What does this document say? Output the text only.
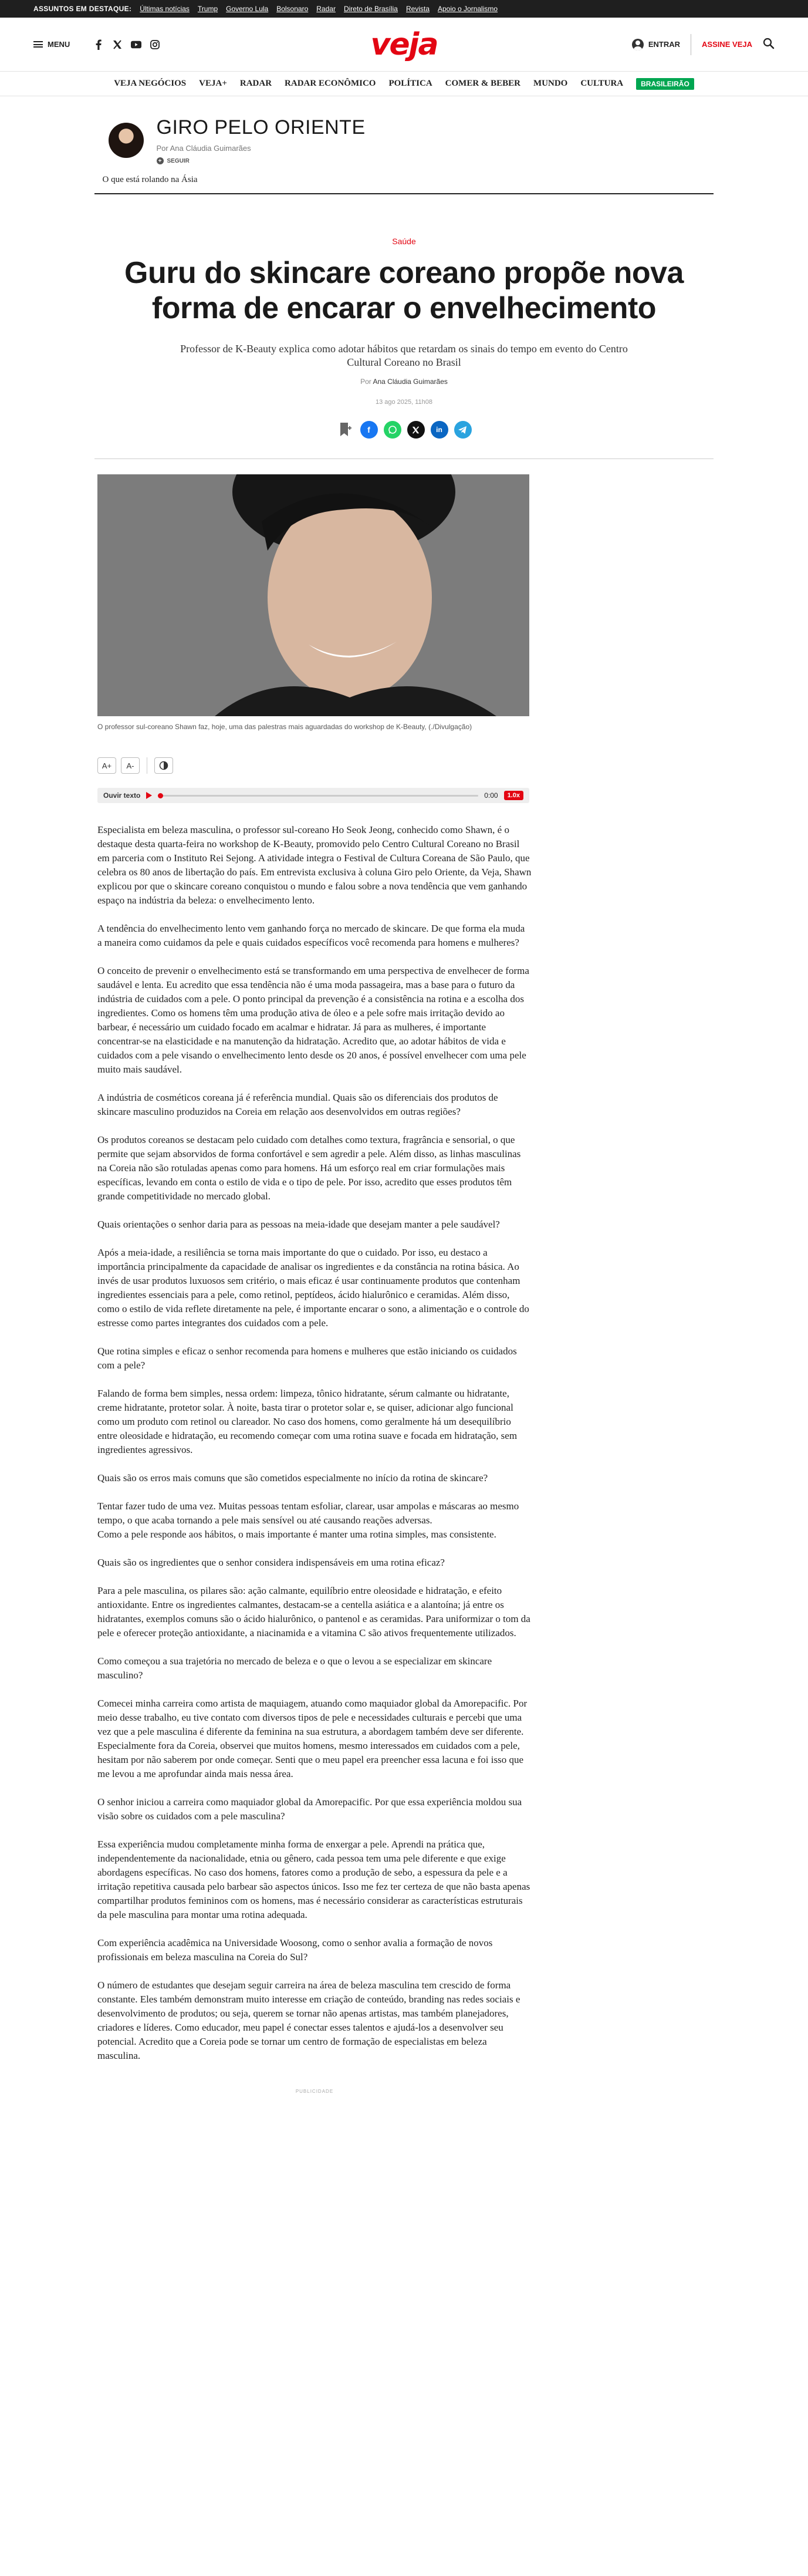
ASSUNTOS EM DESTAQUE: Últimas notícias Trump Governo Lula Bolsonaro Radar Direto de Brasília Revista Apoio o Jornalismo
MENU	veja	ENTRAR	ASSINE VEJA
VEJA NEGÓCIOS VEJA+ RADAR RADAR ECONÔMICO POLÍTICA COMER & BEBER MUNDO CULTURA	BRASILEIRÃO
GIRO PELO ORIENTE
Por Ana Cláudia Guimarães
+ SEGUIR
O que está rolando na Ásia
Saúde
Guru do skincare coreano propõe nova forma de encarar o envelhecimento

Professor de K-Beauty explica como adotar hábitos que retardam os sinais do tempo em evento do Centro Cultural Coreano no Brasil

Por Ana Cláudia Guimarães
13 ago 2025, 11h08
f	in
O professor sul-coreano Shawn faz, hoje, uma das palestras mais aguardadas do workshop de K-Beauty, (./Divulgação)
A+	A-
Ouvir texto	0:00	1.0x

Especialista em beleza masculina, o professor sul-coreano Ho Seok Jeong, conhecido como Shawn, é o destaque desta quarta-feira no workshop de K-Beauty, promovido pelo Centro Cultural Coreano no Brasil em parceria com o Instituto Rei Sejong. A atividade integra o Festival de Cultura Coreana de São Paulo, que celebra os 80 anos de libertação do país. Em entrevista exclusiva à coluna Giro pelo Oriente, da Veja, Shawn explicou por que o skincare coreano conquistou o mundo e falou sobre a nova tendência que vem ganhando espaço na indústria da beleza: o envelhecimento lento.

A tendência do envelhecimento lento vem ganhando força no mercado de skincare. De que forma ela muda a maneira como cuidamos da pele e quais cuidados específicos você recomenda para homens e mulheres?

O conceito de prevenir o envelhecimento está se transformando em uma perspectiva de envelhecer de forma saudável e lenta. Eu acredito que essa tendência não é uma moda passageira, mas a base para o futuro da indústria de cuidados com a pele. O ponto principal da prevenção é a consistência na rotina e a escolha dos ingredientes. Como os homens têm uma produção ativa de óleo e a pele sofre mais irritação devido ao barbear, é necessário um cuidado focado em acalmar e hidratar. Já para as mulheres, é importante concentrar-se na elasticidade e na manutenção da hidratação. Acredito que, ao adotar hábitos de vida e cuidados com a pele visando o envelhecimento lento desde os 20 anos, é possível envelhecer com uma pele muito mais saudável.

A indústria de cosméticos coreana já é referência mundial. Quais são os diferenciais dos produtos de skincare masculino produzidos na Coreia em relação aos desenvolvidos em outras regiões?

Os produtos coreanos se destacam pelo cuidado com detalhes como textura, fragrância e sensorial, o que permite que sejam absorvidos de forma confortável e sem agredir a pele. Além disso, as linhas masculinas na Coreia não são rotuladas apenas como para homens. Há um esforço real em criar formulações mais específicas, levando em conta o estilo de vida e o tipo de pele. Por isso, acredito que esses produtos têm grande competitividade no mercado global.

Quais orientações o senhor daria para as pessoas na meia-idade que desejam manter a pele saudável?

Após a meia-idade, a resiliência se torna mais importante do que o cuidado. Por isso, eu destaco a importância principalmente da capacidade de analisar os ingredientes e da constância na rotina básica. Ao invés de usar produtos luxuosos sem critério, o mais eficaz é usar continuamente produtos que contenham ingredientes essenciais para a pele, como retinol, peptídeos, ácido hialurônico e ceramidas. Além disso, como o estilo de vida reflete diretamente na pele, é importante encarar o sono, a alimentação e o controle do estresse como partes integrantes dos cuidados com a pele.

Que rotina simples e eficaz o senhor recomenda para homens e mulheres que estão iniciando os cuidados com a pele?

Falando de forma bem simples, nessa ordem: limpeza, tônico hidratante, sérum calmante ou hidratante, creme hidratante, protetor solar. À noite, basta tirar o protetor solar e, se quiser, adicionar algo funcional como um produto com retinol ou clareador. No caso dos homens, como geralmente há um desequilíbrio entre oleosidade e hidratação, eu recomendo começar com uma rotina suave e focada em hidratação, sem ingredientes agressivos.

Quais são os erros mais comuns que são cometidos especialmente no início da rotina de skincare?

Tentar fazer tudo de uma vez. Muitas pessoas tentam esfoliar, clarear, usar ampolas e máscaras ao mesmo tempo, o que acaba tornando a pele mais sensível ou até causando reações adversas.
Como a pele responde aos hábitos, o mais importante é manter uma rotina simples, mas consistente.

Quais são os ingredientes que o senhor considera indispensáveis em uma rotina eficaz?

Para a pele masculina, os pilares são: ação calmante, equilíbrio entre oleosidade e hidratação, e efeito antioxidante. Entre os ingredientes calmantes, destacam-se a centella asiática e a alantoína; já entre os hidratantes, exemplos comuns são o ácido hialurônico, o pantenol e as ceramidas. Para uniformizar o tom da pele e oferecer proteção antioxidante, a niacinamida e a vitamina C são ativos frequentemente utilizados.

Como começou a sua trajetória no mercado de beleza e o que o levou a se especializar em skincare masculino?

Comecei minha carreira como artista de maquiagem, atuando como maquiador global da Amorepacific. Por meio desse trabalho, eu tive contato com diversos tipos de pele e necessidades culturais e percebi que uma vez que a pele masculina é diferente da feminina na sua estrutura, a abordagem também deve ser diferente. Especialmente fora da Coreia, observei que muitos homens, mesmo interessados em cuidados com a pele, hesitam por não saberem por onde começar. Senti que o meu papel era preencher essa lacuna e foi isso que me levou a me aprofundar ainda mais nessa área.

O senhor iniciou a carreira como maquiador global da Amorepacific. Por que essa experiência moldou sua visão sobre os cuidados com a pele masculina?

Essa experiência mudou completamente minha forma de enxergar a pele. Aprendi na prática que, independentemente da nacionalidade, etnia ou gênero, cada pessoa tem uma pele diferente e que exige abordagens específicas. No caso dos homens, fatores como a produção de sebo, a espessura da pele e a irritação repetitiva causada pelo barbear são aspectos únicos. Isso me fez ter certeza de que não basta apenas compartilhar produtos femininos com os homens, mas é necessário considerar as características estruturais da pele masculina para montar uma rotina adequada.

Com experiência acadêmica na Universidade Woosong, como o senhor avalia a formação de novos profissionais em beleza masculina na Coreia do Sul?

O número de estudantes que desejam seguir carreira na área de beleza masculina tem crescido de forma constante. Eles também demonstram muito interesse em criação de conteúdo, branding nas redes sociais e desenvolvimento de produtos; ou seja, querem se tornar não apenas artistas, mas também planejadores, criadores e líderes. Como educador, meu papel é conectar esses talentos e ajudá-los a desenvolver seu potencial. Acredito que a Coreia pode se tornar um centro de formação de especialistas em beleza masculina.

PUBLICIDADE
